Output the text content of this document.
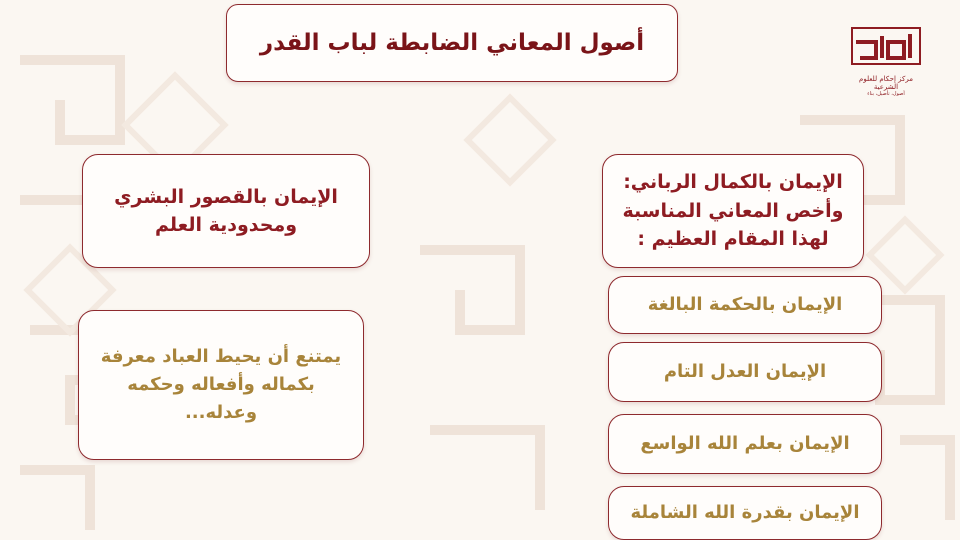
أصول المعاني الضابطة لباب القدر
مركز إحكام للعلوم الشرعية
أصول، تأصيل، بناء
الإيمان بالقصور البشري ومحدودية العلم
الإيمان بالكمال الرباني: وأخص المعاني المناسبة لهذا المقام العظيم :
يمتنع أن يحيط العباد معرفة بكماله وأفعاله وحكمه وعدله...
الإيمان بالحكمة البالغة
الإيمان العدل التام
الإيمان بعلم الله الواسع
الإيمان بقدرة الله الشاملة
